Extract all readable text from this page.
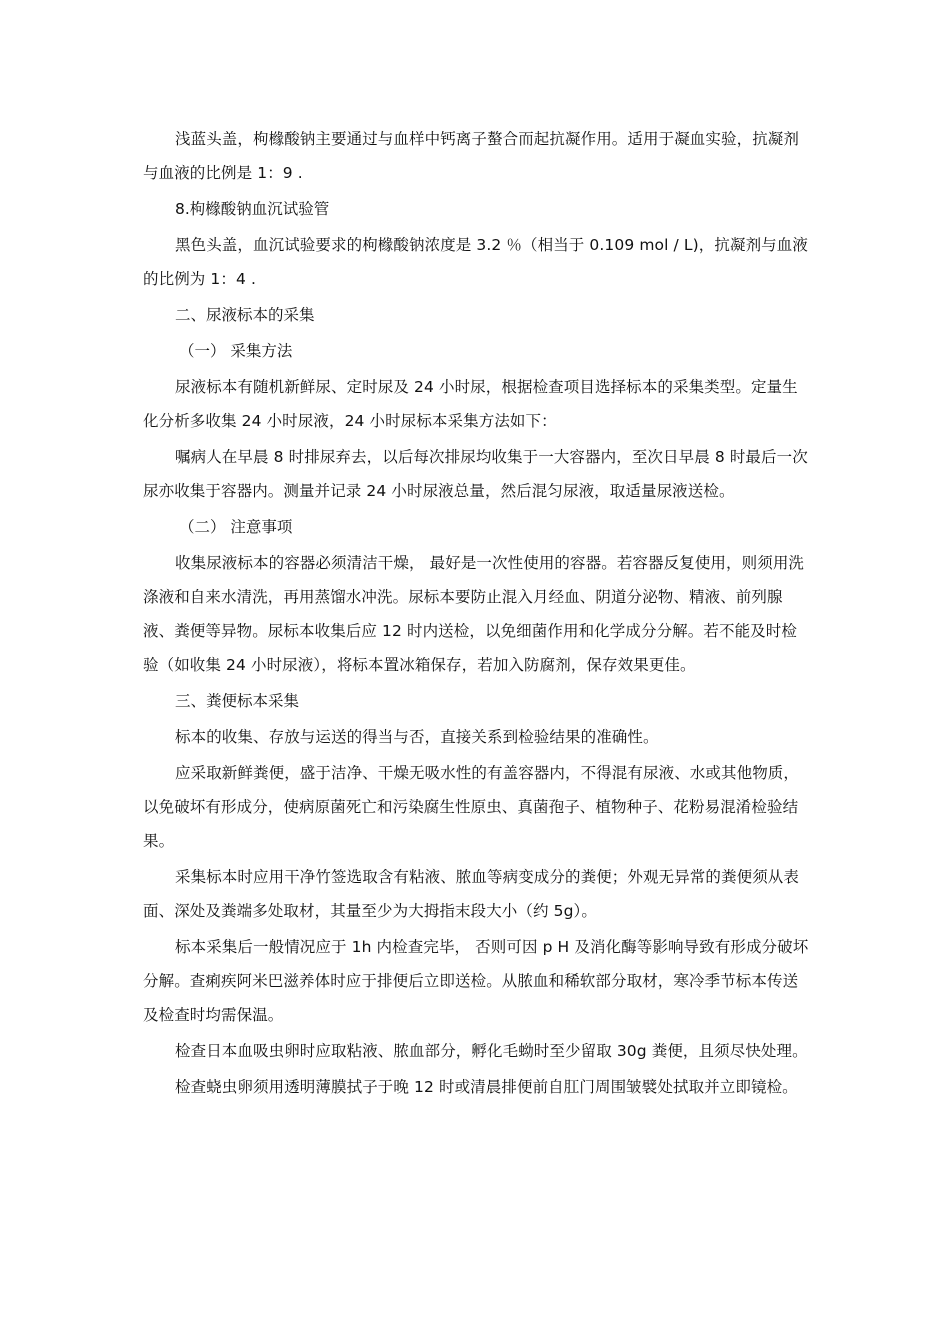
浅蓝头盖，枸橼酸钠主要通过与血样中钙离子螯合而起抗凝作用。适用于凝血实验，抗凝剂与血液的比例是 1：9 .

8.枸橼酸钠血沉试验管

黑色头盖，血沉试验要求的枸橼酸钠浓度是 3.2 ％（相当于 0.109 mol / L)，抗凝剂与血液的比例为 1：4 .

二、尿液标本的采集

（一） 采集方法

尿液标本有随机新鲜尿、定时尿及 24 小时尿，根据检查项目选择标本的采集类型。定量生化分析多收集 24 小时尿液，24 小时尿标本采集方法如下：

嘱病人在早晨 8 时排尿弃去，以后每次排尿均收集于一大容器内，至次日早晨 8 时最后一次尿亦收集于容器内。测量并记录 24 小时尿液总量，然后混匀尿液，取适量尿液送检。

（二） 注意事项

收集尿液标本的容器必须清洁干燥， 最好是一次性使用的容器。若容器反复使用，则须用洗涤液和自来水清洗，再用蒸馏水冲洗。尿标本要防止混入月经血、阴道分泌物、精液、前列腺液、粪便等异物。尿标本收集后应 12 时内送检，以免细菌作用和化学成分分解。若不能及时检验（如收集 24 小时尿液），将标本置冰箱保存，若加入防腐剂，保存效果更佳。

三、粪便标本采集

标本的收集、存放与运送的得当与否，直接关系到检验结果的准确性。

应采取新鲜粪便，盛于洁净、干燥无吸水性的有盖容器内，不得混有尿液、水或其他物质，以免破坏有形成分，使病原菌死亡和污染腐生性原虫、真菌孢子、植物种子、花粉易混淆检验结果。

采集标本时应用干净竹签选取含有粘液、脓血等病变成分的粪便；外观无异常的粪便须从表面、深处及粪端多处取材，其量至少为大拇指末段大小（约 5g）。

标本采集后一般情况应于 1h 内检查完毕， 否则可因 p H 及消化酶等影响导致有形成分破坏分解。查痢疾阿米巴滋养体时应于排便后立即送检。从脓血和稀软部分取材，寒冷季节标本传送及检查时均需保温。

检查日本血吸虫卵时应取粘液、脓血部分，孵化毛蚴时至少留取 30g 粪便，且须尽快处理。

检查蛲虫卵须用透明薄膜拭子于晚 12 时或清晨排便前自肛门周围皱襞处拭取并立即镜检。
